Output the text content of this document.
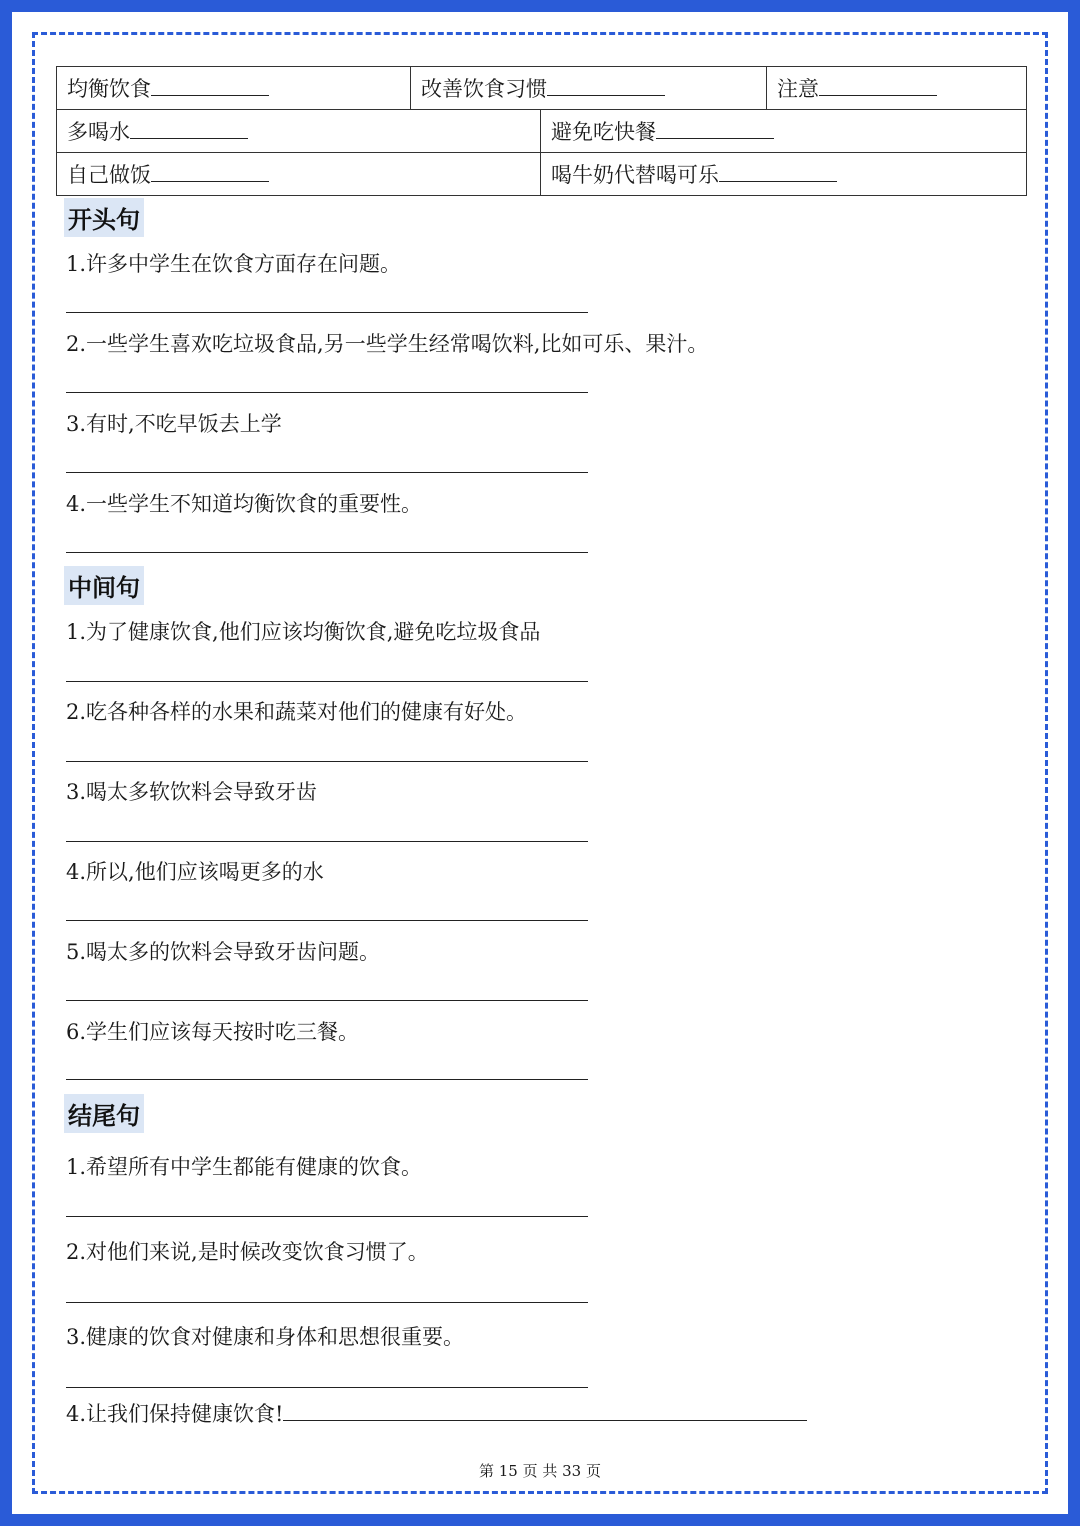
均衡饮食	改善饮食习惯		注意
多喝水		避免吃快餐	
自己做饭		喝牛奶代替喝可乐	
开头句
1.许多中学生在饮食方面存在问题。
2.一些学生喜欢吃垃圾食品,另一些学生经常喝饮料,比如可乐、果汁。
3.有时,不吃早饭去上学
4.一些学生不知道均衡饮食的重要性。
中间句
1.为了健康饮食,他们应该均衡饮食,避免吃垃圾食品
2.吃各种各样的水果和蔬菜对他们的健康有好处。
3.喝太多软饮料会导致牙齿
4.所以,他们应该喝更多的水
5.喝太多的饮料会导致牙齿问题。
6.学生们应该每天按时吃三餐。
结尾句
1.希望所有中学生都能有健康的饮食。
2.对他们来说,是时候改变饮食习惯了。
3.健康的饮食对健康和身体和思想很重要。
4.让我们保持健康饮食!
第 15 页 共 33 页
